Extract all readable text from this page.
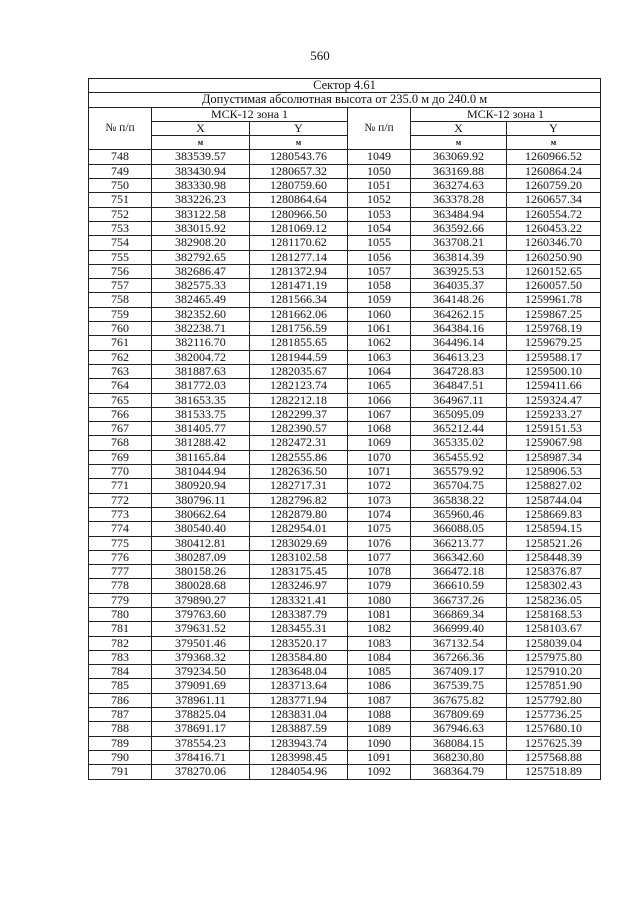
560
Сектор 4.61					
Допустимая абсолютная высота от 235.0 м до 240.0 м					
№ п/п	МСК-12 зона 1		№ п/п	МСК-12 зона 1	
	X	Y		X	Y
	м	м		м	м
748	383539.57	1280543.76	1049	363069.92	1260966.52
749	383430.94	1280657.32	1050	363169.88	1260864.24
750	383330.98	1280759.60	1051	363274.63	1260759.20
751	383226.23	1280864.64	1052	363378.28	1260657.34
752	383122.58	1280966.50	1053	363484.94	1260554.72
753	383015.92	1281069.12	1054	363592.66	1260453.22
754	382908.20	1281170.62	1055	363708.21	1260346.70
755	382792.65	1281277.14	1056	363814.39	1260250.90
756	382686.47	1281372.94	1057	363925.53	1260152.65
757	382575.33	1281471.19	1058	364035.37	1260057.50
758	382465.49	1281566.34	1059	364148.26	1259961.78
759	382352.60	1281662.06	1060	364262.15	1259867.25
760	382238.71	1281756.59	1061	364384.16	1259768.19
761	382116.70	1281855.65	1062	364496.14	1259679.25
762	382004.72	1281944.59	1063	364613.23	1259588.17
763	381887.63	1282035.67	1064	364728.83	1259500.10
764	381772.03	1282123.74	1065	364847.51	1259411.66
765	381653.35	1282212.18	1066	364967.11	1259324.47
766	381533.75	1282299.37	1067	365095.09	1259233.27
767	381405.77	1282390.57	1068	365212.44	1259151.53
768	381288.42	1282472.31	1069	365335.02	1259067.98
769	381165.84	1282555.86	1070	365455.92	1258987.34
770	381044.94	1282636.50	1071	365579.92	1258906.53
771	380920.94	1282717.31	1072	365704.75	1258827.02
772	380796.11	1282796.82	1073	365838.22	1258744.04
773	380662.64	1282879.80	1074	365960.46	1258669.83
774	380540.40	1282954.01	1075	366088.05	1258594.15
775	380412.81	1283029.69	1076	366213.77	1258521.26
776	380287.09	1283102.58	1077	366342.60	1258448.39
777	380158.26	1283175.45	1078	366472.18	1258376.87
778	380028.68	1283246.97	1079	366610.59	1258302.43
779	379890.27	1283321.41	1080	366737.26	1258236.05
780	379763.60	1283387.79	1081	366869.34	1258168.53
781	379631.52	1283455.31	1082	366999.40	1258103.67
782	379501.46	1283520.17	1083	367132.54	1258039.04
783	379368.32	1283584.80	1084	367266.36	1257975.80
784	379234.50	1283648.04	1085	367409.17	1257910.20
785	379091.69	1283713.64	1086	367539.75	1257851.90
786	378961.11	1283771.94	1087	367675.82	1257792.80
787	378825.04	1283831.04	1088	367809.69	1257736.25
788	378691.17	1283887.59	1089	367946.63	1257680.10
789	378554.23	1283943.74	1090	368084.15	1257625.39
790	378416.71	1283998.45	1091	368230.80	1257568.88
791	378270.06	1284054.96	1092	368364.79	1257518.89
